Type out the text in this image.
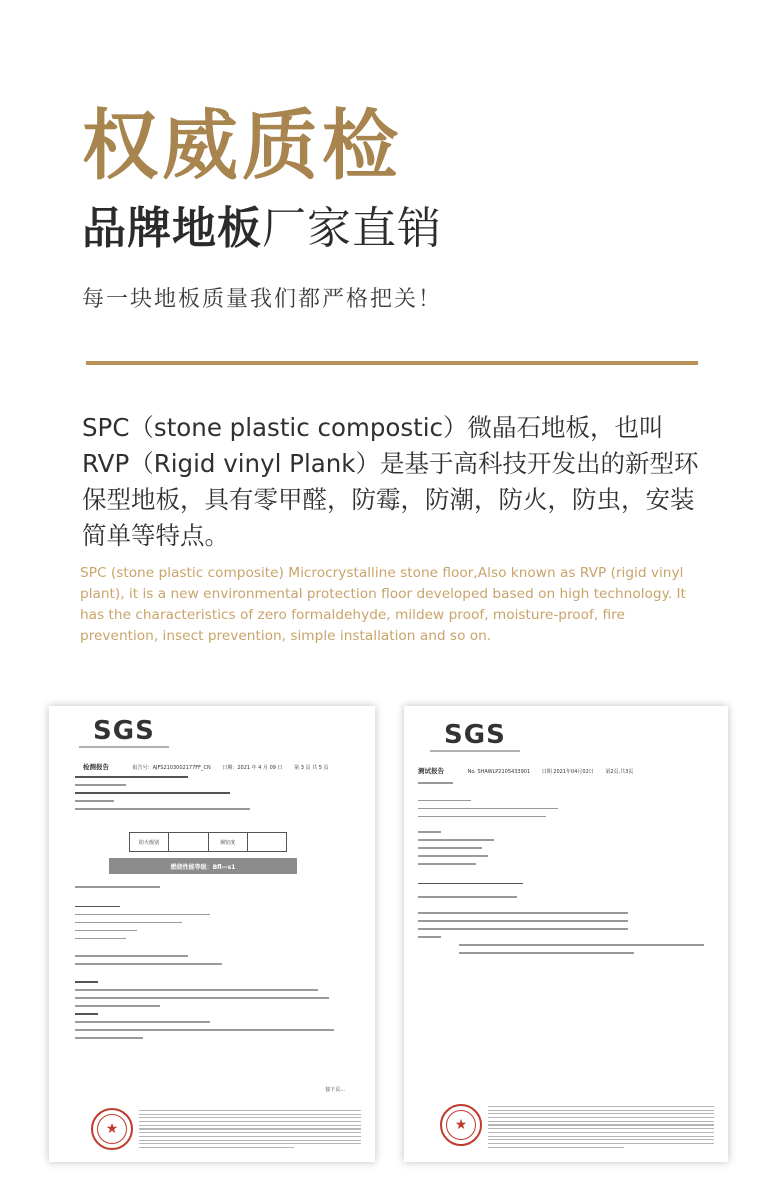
权威质检

品牌地板厂家直销

每一块地板质量我们都严格把关！

SPC（stone plastic compostic）微晶石地板，也叫RVP（Rigid vinyl Plank）是基于高科技开发出的新型环保型地板，具有零甲醛，防霉，防潮，防火，防虫，安装简单等特点。

SPC (stone plastic composite) Microcrystalline stone floor,Also known as RVP (rigid vinyl plant), it is a new environmental protection floor developed based on high technology. It has the characteristics of zero formaldehyde, mildew proof, moisture-proof, fire prevention, insect prevention, simple installation and so on.

SGS
检测报告	报告号：AJFS2103002177FF_CN 日期：2021 年 4 月 09 日 第 3 页 共 5 页
防火级别	烟密度
燃烧性能等级：Bfl—s1
接下页...
★
SGS
测试报告	No. SHAWLP2105433901 日期 2021年04月02日 第2页,共3页
★
